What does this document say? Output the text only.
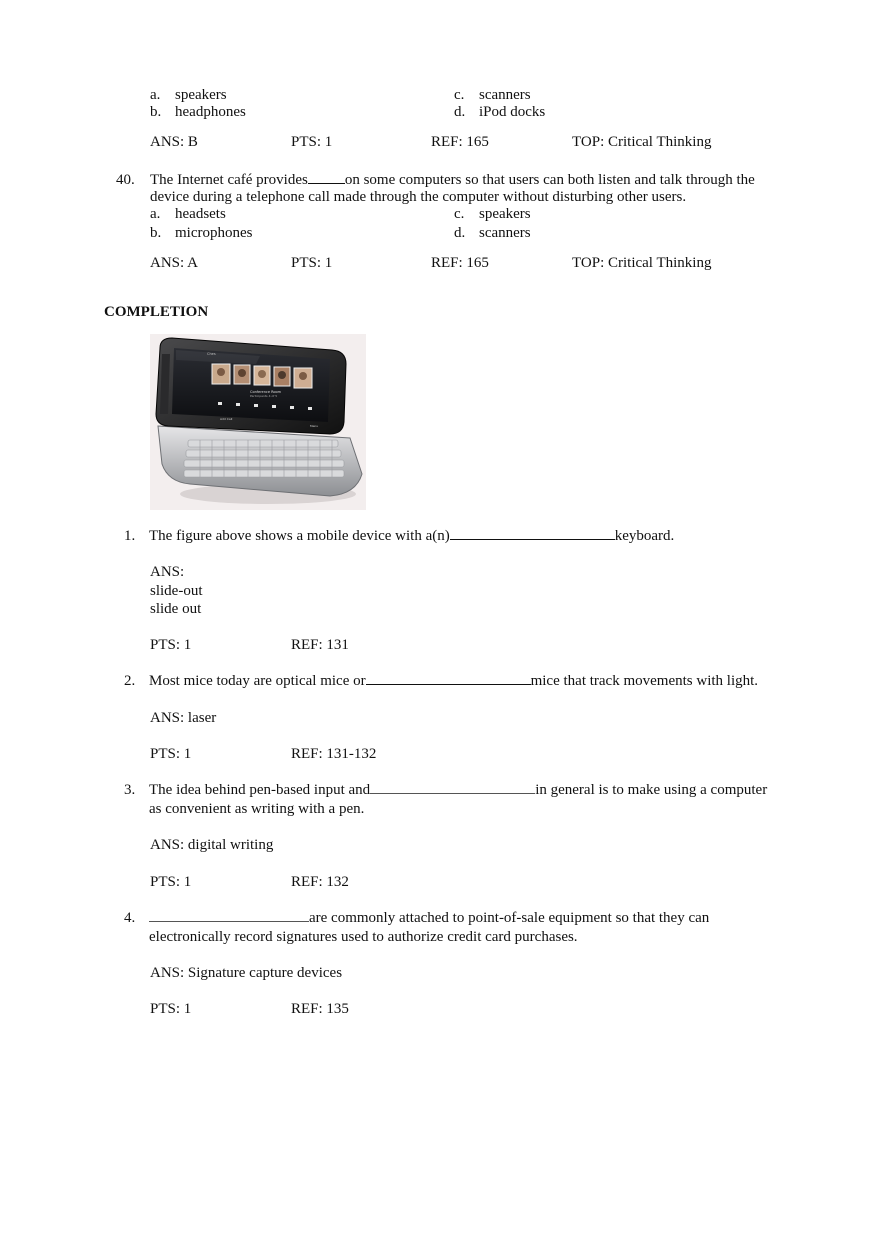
a. speakers
b. headphones
c. scanners
d. iPod docks
ANS: B	PTS: 1	REF: 165	TOP: Critical Thinking
40. The Internet café provides on some computers so that users can both listen and talk through the
device during a telephone call made through the computer without disturbing other users.
a. headsets
b. microphones
c. speakers
d. scanners
ANS: A	PTS: 1	REF: 165	TOP: Critical Thinking
COMPLETION
Conference Room
Participants 4 of 5
Ches
Add Call
Menu
1. The figure above shows a mobile device with a(n)	keyboard.
ANS:
slide-out
slide out
PTS: 1	REF: 131
2. Most mice today are optical mice or	mice that track movements with light.
ANS: laser
PTS: 1	REF: 131-132
3. The idea behind pen-based input and	in general is to make using a computer
as convenient as writing with a pen.
ANS: digital writing
PTS: 1	REF: 132
4.	are commonly attached to point-of-sale equipment so that they can
electronically record signatures used to authorize credit card purchases.
ANS: Signature capture devices
PTS: 1	REF: 135
